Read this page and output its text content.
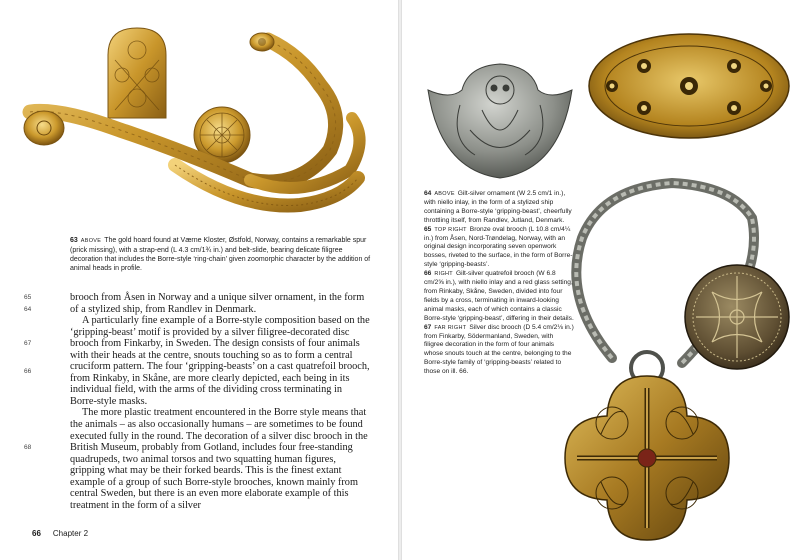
63 ABOVE The gold hoard found at Værne Kloster, Østfold, Norway, contains a remarkable spur (prick missing), with a strap-end (L 4.3 cm/1¾ in.) and belt-slide, bearing delicate filigree decoration that includes the Borre-style ‘ring-chain’ given zoomorphic character by the addition of animal heads in profile.
65
64
67
66
68

brooch from Åsen in Norway and a unique silver ornament, in the form of a stylized ship, from Randlev in Denmark.

A particularly fine example of a Borre-style composition based on the ‘gripping-beast’ motif is provided by a silver filigree-decorated disc brooch from Finkarby, in Sweden. The design consists of four animals with their heads at the centre, snouts touching so as to form a central cruciform pattern. The four ‘gripping-beasts’ on a cast quatrefoil brooch, from Rinkaby, in Skåne, are more clearly depicted, each being in its individual field, with the arms of the dividing cross terminating in Borre-style masks.

The more plastic treatment encountered in the Borre style means that the animals – as also occasionally humans – are sometimes to be found executed fully in the round. The decoration of a silver disc brooch in the British Museum, probably from Gotland, includes four free-standing quadrupeds, two animal torsos and two squatting human figures, gripping what may be their forked beards. This is the finest extant example of a group of such Borre-style brooches, known mainly from central Sweden, but there is an even more elaborate example of this treatment in the form of a silver

66 Chapter 2
64 ABOVE Gilt-silver ornament (W 2.5 cm/1 in.), with niello inlay, in the form of a stylized ship containing a Borre-style ‘gripping-beast’, cheerfully throttling itself, from Randlev, Jutland, Denmark.
65 TOP RIGHT Bronze oval brooch (L 10.8 cm/4¼ in.) from Åsen, Nord-Trøndelag, Norway, with an original design incorporating seven openwork bosses, riveted to the surface, in the form of Borre-style ‘gripping-beasts’.
66 RIGHT Gilt-silver quatrefoil brooch (W 6.8 cm/2⅝ in.), with niello inlay and a red glass setting, from Rinkaby, Skåne, Sweden, divided into four fields by a cross, terminating in inward-looking animal masks, each of which contains a classic Borre-style ‘gripping-beast’, differing in their details.
67 FAR RIGHT Silver disc brooch (D 5.4 cm/2⅛ in.) from Finkarby, Södermanland, Sweden, with filigree decoration in the form of four animals whose snouts touch at the centre, belonging to the Borre-style family of ‘gripping-beasts’ related to those on ill. 66.
